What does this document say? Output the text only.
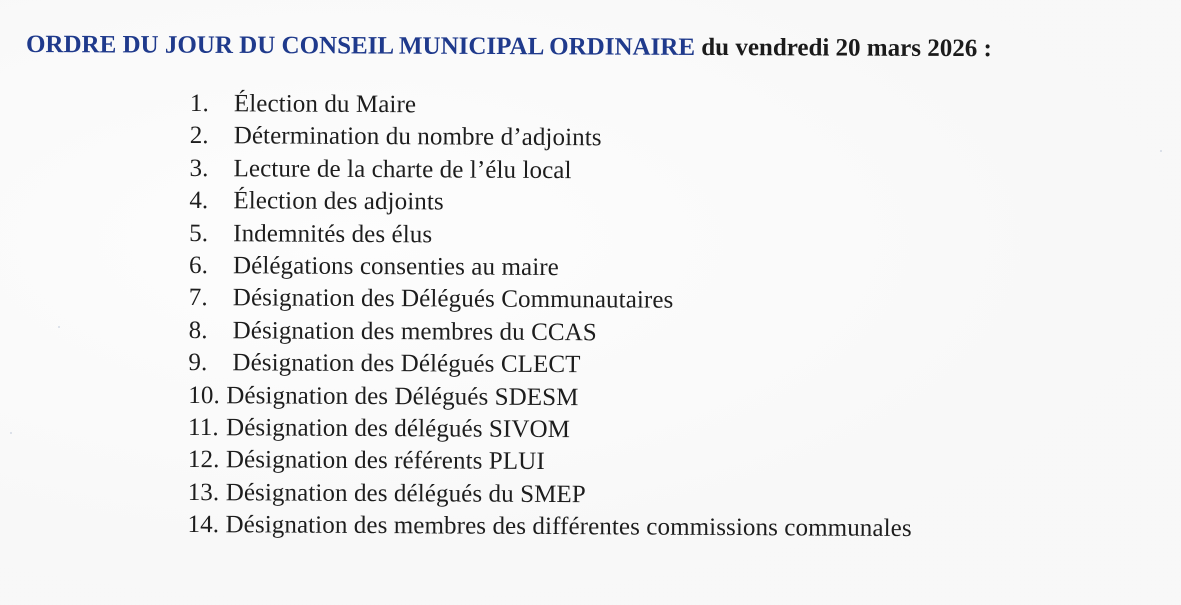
ORDRE DU JOUR DU CONSEIL MUNICIPAL ORDINAIRE du vendredi 20 mars 2026 :
1. Élection du Maire
2. Détermination du nombre d’adjoints
3. Lecture de la charte de l’élu local
4. Élection des adjoints
5. Indemnités des élus
6. Délégations consenties au maire
7. Désignation des Délégués Communautaires
8. Désignation des membres du CCAS
9. Désignation des Délégués CLECT
10. Désignation des Délégués SDESM
11. Désignation des délégués SIVOM
12. Désignation des référents PLUI
13. Désignation des délégués du SMEP
14. Désignation des membres des différentes commissions communales
